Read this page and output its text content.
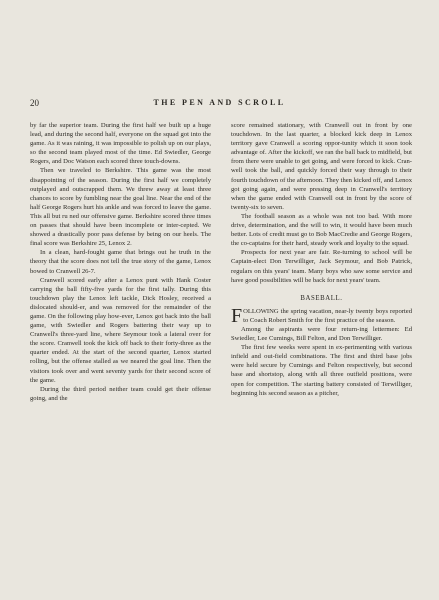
20	THE PEN AND SCROLL

by far the superior team. During the first half we built up a huge lead, and during the second half, everyone on the squad got into the game. As it was raining, it was impossible to polish up on our plays, so the second team played most of the time. Ed Swiedler, George Rogers, and Doc Watson each scored three touch-downs.

Then we traveled to Berkshire. This game was the most disappointing of the season. During the first half we completely outplayed and outscrapped them. We threw away at least three chances to score by fumbling near the goal line. Near the end of the half George Rogers hurt his ankle and was forced to leave the game. This all but ru ned our offensive game. Berkshire scored three times on passes that should have been incomplete or inter-cepted. We showed a drastically poor pass defense by being on our heels. The final score was Berkshire 25, Lenox 2.

In a clean, hard-fought game that brings out he truth in the theory that the score does not tell the true story of the game, Lenox bowed to Cranwell 26-7.

Cranwell scored early after a Lenox punt with Hank Coster carrying the ball fifty-five yards for the first tally. During this touchdown play the Lenox left tackle, Dick Hosley, received a dislocated should-er, and was removed for the remainder of the game. On the following play how-ever, Lenox got back into the ball game, with Swiedler and Rogers battering their way up to Cranwell's three-yard line, where Seymour took a lateral over for the score. Cranwell took the kick off back to their forty-three as the quarter ended. At the start of the second quarter, Lenox started rolling, but the offense stalled as we neared the goal line. Then the visitors took over and went seventy yards for their second score of the game.

During the third period neither team could get their offense going, and the

score remained stationary, with Cranwell out in front by one touchdown. In the last quarter, a blocked kick deep in Lenox territory gave Cranwell a scoring oppor-tunity which it soon took advantage of. After the kickoff, we ran the ball back to midfield, but from there were unable to get going, and were forced to kick. Cran-well took the ball, and quickly forced their way through to their fourth touchdown of the afternoon. They then kicked off, and Lenox got going again, and were pressing deep in Cranwell's territory when the game ended with Cranwell out in front by the score of twenty-six to seven.

The football season as a whole was not too bad. With more drive, determination, and the will to win, it would have been much better. Lots of credit must go to Bob MacCredie and George Rogers, the co-captains for their hard, steady work and loyalty to the squad.

Prospects for next year are fair. Re-turning to school will be Captain-elect Don Terwilliger, Jack Seymour, and Bob Patrick, regulars on this years' team. Many boys who saw some service and have good possibilities will be back for next years' team.

BASEBALL.

FOLLOWING the spring vacation, near-ly twenty boys reported to Coach Robert Smith for the first practice of the season.

Among the aspirants were four return-ing lettermen: Ed Swiedler, Lee Cumings, Bill Felton, and Don Terwilliger.

The first few weeks were spent in ex-perimenting with various infield and out-field combinations. The first and third base jobs were held secure by Cumings and Felton respectively, but second base and shortstop, along with all three outfield positions, were open for competition. The starting battery consisted of Terwilliger, beginning his second season as a pitcher,
